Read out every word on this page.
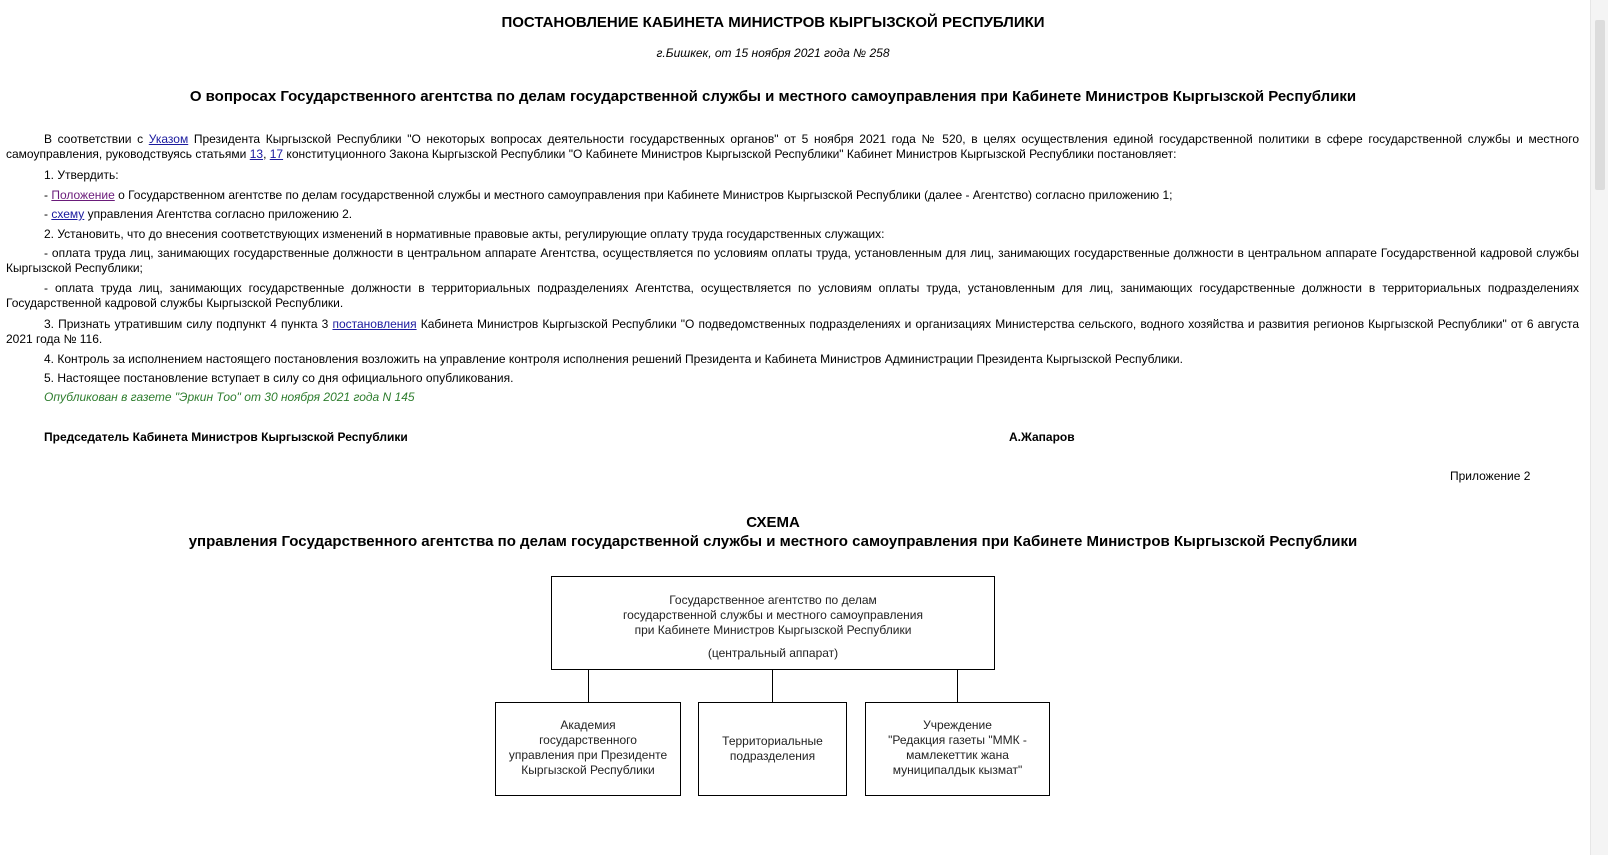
ПОСТАНОВЛЕНИЕ КАБИНЕТА МИНИСТРОВ КЫРГЫЗСКОЙ РЕСПУБЛИКИ
г.Бишкек, от 15 ноября 2021 года № 258
О вопросах Государственного агентства по делам государственной службы и местного самоуправления при Кабинете Министров Кыргызской Республики

В соответствии с Указом Президента Кыргызской Республики "О некоторых вопросах деятельности государственных органов" от 5 ноября 2021 года № 520, в целях осуществления единой государственной политики в сфере государственной службы и местного самоуправления, руководствуясь статьями 13, 17 конституционного Закона Кыргызской Республики "О Кабинете Министров Кыргызской Республики" Кабинет Министров Кыргызской Республики постановляет:

1. Утвердить:

- Положение о Государственном агентстве по делам государственной службы и местного самоуправления при Кабинете Министров Кыргызской Республики (далее - Агентство) согласно приложению 1;

- схему управления Агентства согласно приложению 2.

2. Установить, что до внесения соответствующих изменений в нормативные правовые акты, регулирующие оплату труда государственных служащих:

- оплата труда лиц, занимающих государственные должности в центральном аппарате Агентства, осуществляется по условиям оплаты труда, установленным для лиц, занимающих государственные должности в центральном аппарате Государственной кадровой службы Кыргызской Республики;

- оплата труда лиц, занимающих государственные должности в территориальных подразделениях Агентства, осуществляется по условиям оплаты труда, установленным для лиц, занимающих государственные должности в территориальных подразделениях Государственной кадровой службы Кыргызской Республики.

3. Признать утратившим силу подпункт 4 пункта 3 постановления Кабинета Министров Кыргызской Республики "О подведомственных подразделениях и организациях Министерства сельского, водного хозяйства и развития регионов Кыргызской Республики" от 6 августа 2021 года № 116.

4. Контроль за исполнением настоящего постановления возложить на управление контроля исполнения решений Президента и Кабинета Министров Администрации Президента Кыргызской Республики.

5. Настоящее постановление вступает в силу со дня официального опубликования.

Опубликован в газете "Эркин Тоо" от 30 ноября 2021 года N 145

Председатель Кабинета Министров Кыргызской Республики	А.Жапаров
Приложение 2
СХЕМА
управления Государственного агентства по делам государственной службы и местного самоуправления при Кабинете Министров Кыргызской Республики
Государственное агентство по делам
государственной службы и местного самоуправления
при Кабинете Министров Кыргызской Республики
(центральный аппарат)
Академия
государственного
управления при Президенте
Кыргызской Республики
Территориальные
подразделения
Учреждение
"Редакция газеты "ММК -
мамлекеттик жана
муниципалдык кызмат"
